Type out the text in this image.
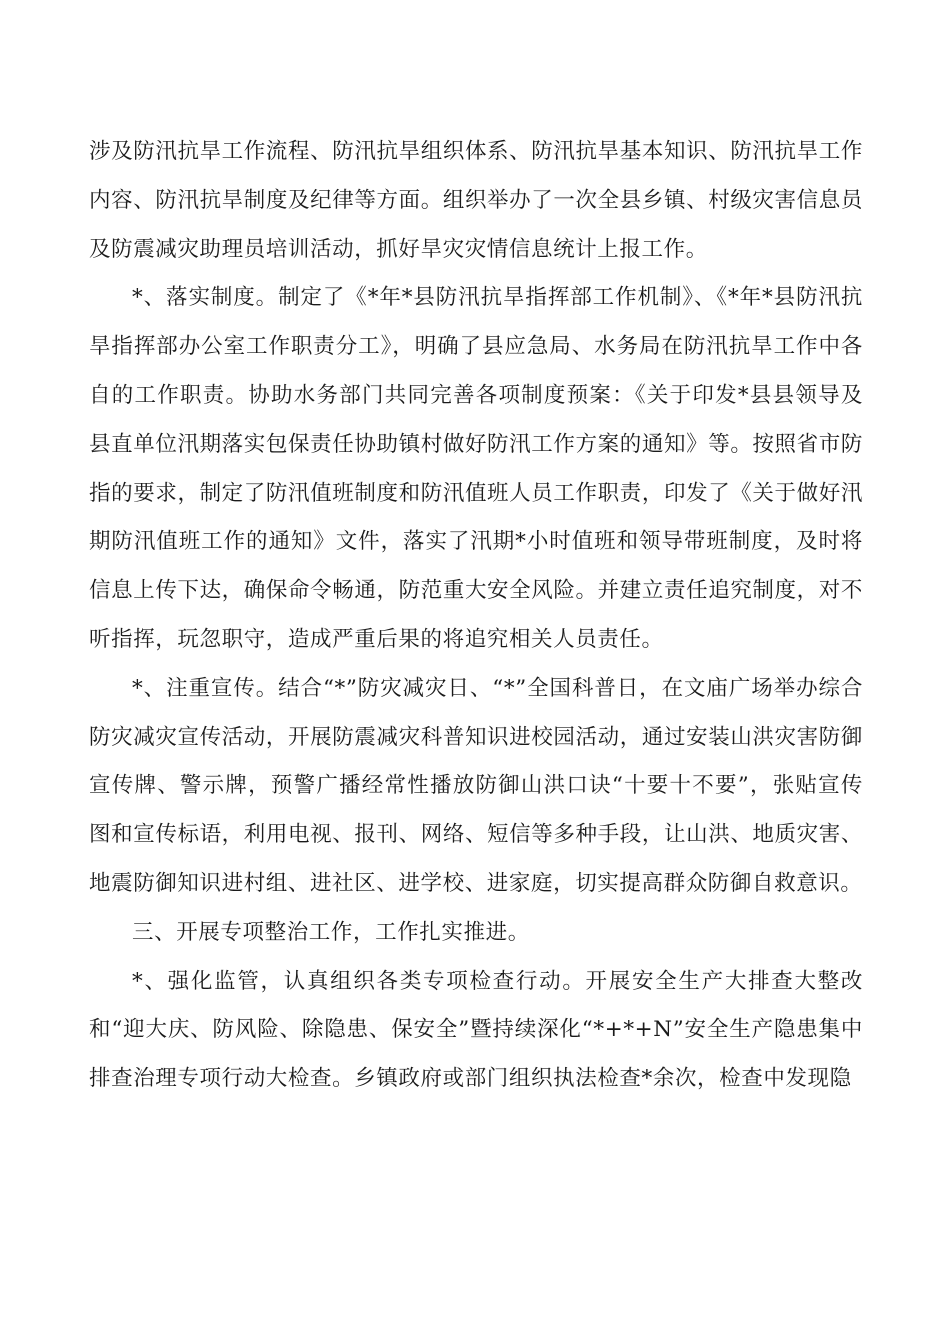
涉及防汛抗旱工作流程、防汛抗旱组织体系、防汛抗旱基本知识、防汛抗旱工作内容、防汛抗旱制度及纪律等方面。组织举办了一次全县乡镇、村级灾害信息员及防震减灾助理员培训活动，抓好旱灾灾情信息统计上报工作。

*、落实制度。制定了《*年*县防汛抗旱指挥部工作机制》、《*年*县防汛抗旱指挥部办公室工作职责分工》，明确了县应急局、水务局在防汛抗旱工作中各自的工作职责。协助水务部门共同完善各项制度预案：《关于印发*县县领导及县直单位汛期落实包保责任协助镇村做好防汛工作方案的通知》等。按照省市防指的要求，制定了防汛值班制度和防汛值班人员工作职责，印发了《关于做好汛期防汛值班工作的通知》文件，落实了汛期*小时值班和领导带班制度，及时将信息上传下达，确保命令畅通，防范重大安全风险。并建立责任追究制度，对不听指挥，玩忽职守，造成严重后果的将追究相关人员责任。

*、注重宣传。结合“*”防灾减灾日、“*”全国科普日，在文庙广场举办综合防灾减灾宣传活动，开展防震减灾科普知识进校园活动，通过安装山洪灾害防御宣传牌、警示牌，预警广播经常性播放防御山洪口诀“十要十不要”，张贴宣传图和宣传标语，利用电视、报刊、网络、短信等多种手段，让山洪、地质灾害、地震防御知识进村组、进社区、进学校、进家庭，切实提高群众防御自救意识。

三、开展专项整治工作，工作扎实推进。

*、强化监管，认真组织各类专项检查行动。开展安全生产大排查大整改和“迎大庆、防风险、除隐患、保安全”暨持续深化“*+*+N”安全生产隐患集中排查治理专项行动大检查。乡镇政府或部门组织执法检查*余次，检查中发现隐
